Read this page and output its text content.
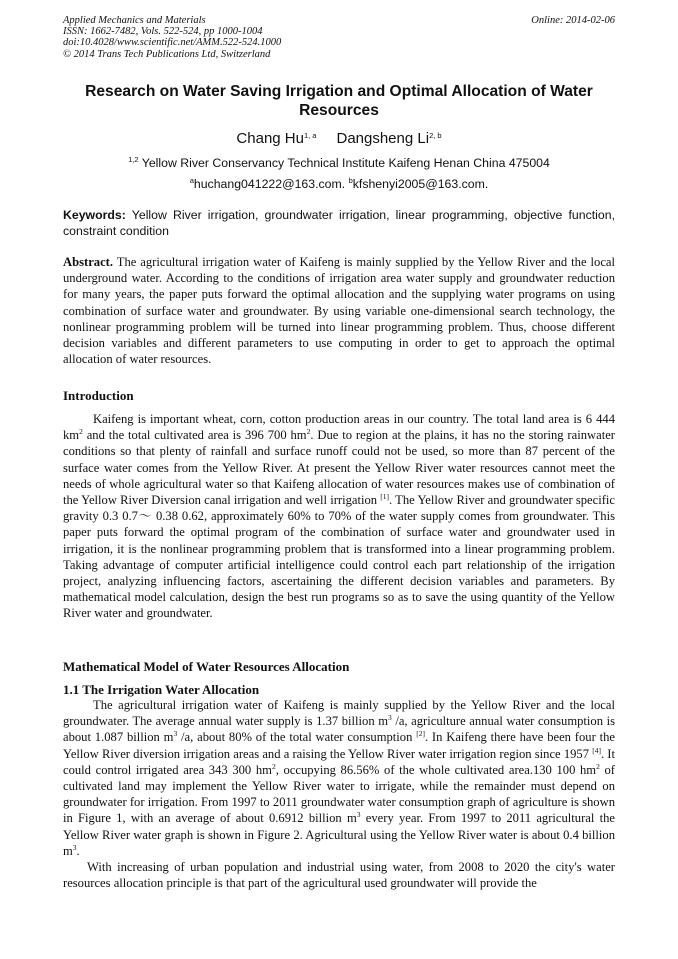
Applied Mechanics and Materials
ISSN: 1662-7482, Vols. 522-524, pp 1000-1004
doi:10.4028/www.scientific.net/AMM.522-524.1000
© 2014 Trans Tech Publications Ltd, Switzerland
Online: 2014-02-06
Research on Water Saving Irrigation and Optimal Allocation of Water Resources
Chang Hu$^{1, a}$ Dangsheng Li$^{2, b}$
$^{1,2}$ Yellow River Conservancy Technical Institute Kaifeng Henan China 475004
$^a$huchang041222@163.com. $^b$kfshenyi2005@163.com.
Keywords: Yellow River irrigation, groundwater irrigation, linear programming, objective function, constraint condition
Abstract. The agricultural irrigation water of Kaifeng is mainly supplied by the Yellow River and the local underground water. According to the conditions of irrigation area water supply and groundwater reduction for many years, the paper puts forward the optimal allocation and the supplying water programs on using combination of surface water and groundwater. By using variable one-dimensional search technology, the nonlinear programming problem will be turned into linear programming problem. Thus, choose different decision variables and different parameters to use computing in order to get to approach the optimal allocation of water resources.
Introduction
Kaifeng is important wheat, corn, cotton production areas in our country. The total land area is 6 444 $km^2$ and the total cultivated area is 396 700 $hm^2$. Due to region at the plains, it has no the storing rainwater conditions so that plenty of rainfall and surface runoff could not be used, so more than 87 percent of the surface water comes from the Yellow River. At present the Yellow River water resources cannot meet the needs of whole agricultural water so that Kaifeng allocation of water resources makes use of combination of the Yellow River Diversion canal irrigation and well irrigation [1]. The Yellow River and groundwater specific gravity 0.3 0.7～ 0.38 0.62, approximately 60% to 70% of the water supply comes from groundwater. This paper puts forward the optimal program of the combination of surface water and groundwater used in irrigation, it is the nonlinear programming problem that is transformed into a linear programming problem. Taking advantage of computer artificial intelligence could control each part relationship of the irrigation project, analyzing influencing factors, ascertaining the different decision variables and parameters. By mathematical model calculation, design the best run programs so as to save the using quantity of the Yellow River water and groundwater.
Mathematical Model of Water Resources Allocation
1.1 The Irrigation Water Allocation
The agricultural irrigation water of Kaifeng is mainly supplied by the Yellow River and the local groundwater. The average annual water supply is 1.37 billion $m^3$ /a, agriculture annual water consumption is about 1.087 billion $m^3$ /a, about 80% of the total water consumption [2]. In Kaifeng there have been four the Yellow River diversion irrigation areas and a raising the Yellow River water irrigation region since 1957 [4]. It could control irrigated area 343 300 $hm^2$, occupying 86.56% of the whole cultivated area.130 100 $hm^2$ of cultivated land may implement the Yellow River water to irrigate, while the remainder must depend on groundwater for irrigation. From 1997 to 2011 groundwater water consumption graph of agriculture is shown in Figure 1, with an average of about 0.6912 billion $m^3$ every year. From 1997 to 2011 agricultural the Yellow River water graph is shown in Figure 2. Agricultural using the Yellow River water is about 0.4 billion $m^3$.
With increasing of urban population and industrial using water, from 2008 to 2020 the city's water resources allocation principle is that part of the agricultural used groundwater will provide the
